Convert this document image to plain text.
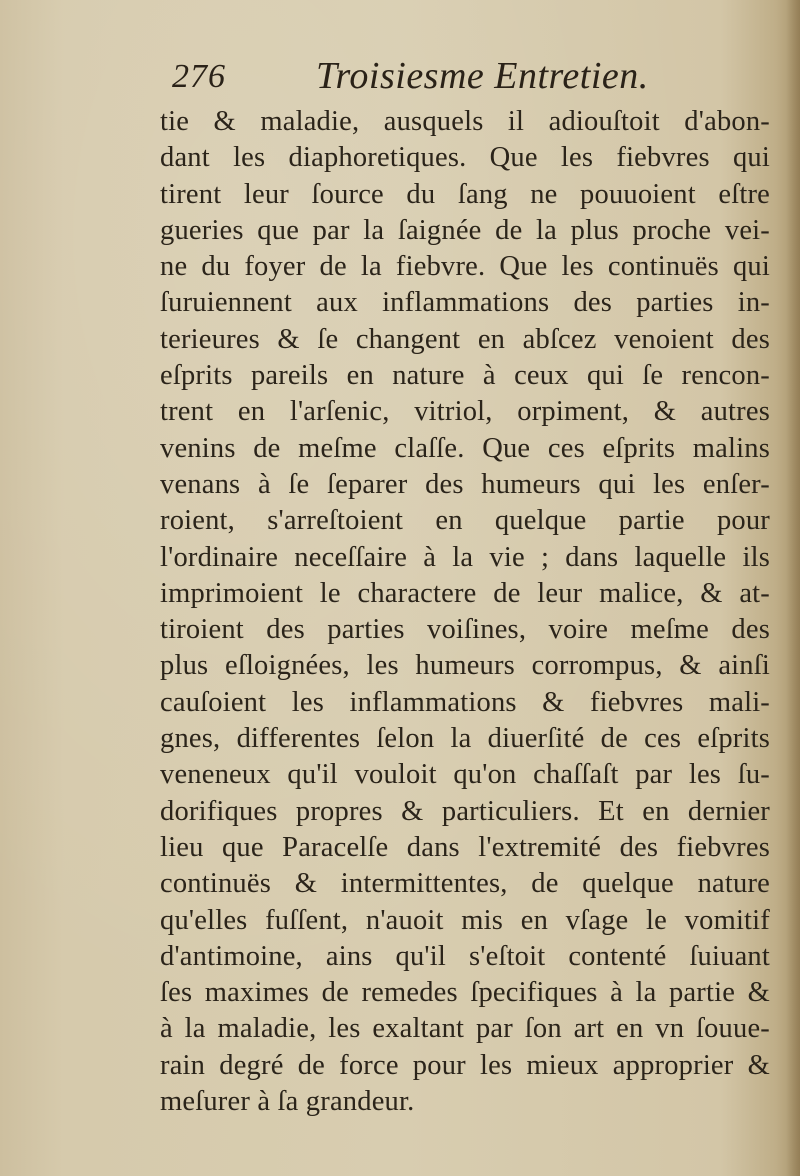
276 Troisiesme Entretien.
tie & maladie, ausquels il adiouſtoit d'abon-
dant les diaphoretiques. Que les fiebvres qui
tirent leur ſource du ſang ne pouuoient eſtre
gueries que par la ſaignée de la plus proche vei-
ne du foyer de la fiebvre. Que les continuës qui
ſuruiennent aux inflammations des parties in-
terieures & ſe changent en abſcez venoient des
eſprits pareils en nature à ceux qui ſe rencon-
trent en l'arſenic, vitriol, orpiment, & autres
venins de meſme claſſe. Que ces eſprits malins
venans à ſe ſeparer des humeurs qui les enſer-
roient, s'arreſtoient en quelque partie pour
l'ordinaire neceſſaire à la vie ; dans laquelle ils
imprimoient le charactere de leur malice, & at-
tiroient des parties voiſines, voire meſme des
plus eſloignées, les humeurs corrompus, & ainſi
cauſoient les inflammations & fiebvres mali-
gnes, differentes ſelon la diuerſité de ces eſprits
veneneux qu'il vouloit qu'on chaſſaſt par les ſu-
dorifiques propres & particuliers. Et en dernier
lieu que Paracelſe dans l'extremité des fiebvres
continuës & intermittentes, de quelque nature
qu'elles fuſſent, n'auoit mis en vſage le vomitif
d'antimoine, ains qu'il s'eſtoit contenté ſuiuant
ſes maximes de remedes ſpecifiques à la partie &
à la maladie, les exaltant par ſon art en vn ſouue-
rain degré de force pour les mieux approprier &
meſurer à ſa grandeur.
